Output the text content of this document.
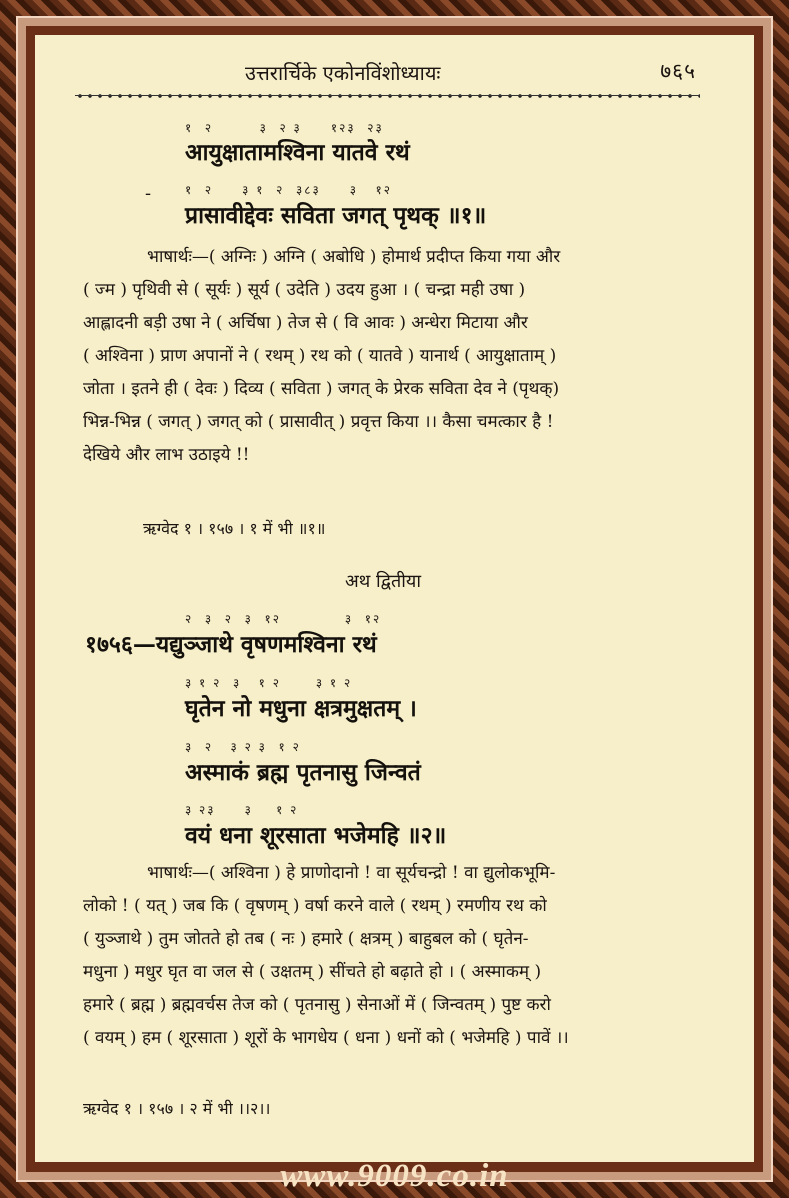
उत्तरार्चिके एकोनविंशोध्यायः	७६५
१  २        ३  २ ३     १२३  २३
-
आयुक्षातामश्विना यातवे रथं
१  २     ३ १  २  ३८३     ३   १२
प्रासावीद्देवः सविता जगत् पृथक् ॥१॥

भाषार्थः—( अग्निः ) अग्नि ( अबोधि ) होमार्थ प्रदीप्त किया गया और

( ज्म ) पृथिवी से ( सूर्यः ) सूर्य ( उदेति ) उदय हुआ । ( चन्द्रा मही उषा )

आह्लादनी बड़ी उषा ने ( अर्चिषा ) तेज से ( वि आवः ) अन्धेरा मिटाया और

( अश्विना ) प्राण अपानों ने ( रथम् ) रथ को ( यातवे ) यानार्थ ( आयुक्षाताम् )

जोता । इतने ही ( देवः ) दिव्य ( सविता ) जगत् के प्रेरक सविता देव ने (पृथक्)

भिन्न-भिन्न ( जगत् ) जगत् को ( प्रासावीत् ) प्रवृत्त किया ।। कैसा चमत्कार है !

देखिये और लाभ उठाइये !!

ऋग्वेद १ । १५७ । १ में भी ॥१॥
अथ द्वितीया
२  ३  २  ३  १२           ३  १२
१७५६—यद्युञ्जाथे वृषणमश्विना रथं
३ १ २  ३   १ २      ३ १ २
घृतेन नो मधुना क्षत्रमुक्षतम् ।
३  २   ३ २ ३  १ २
अस्माकं ब्रह्म पृतनासु जिन्वतं
३ २३     ३    १ २
वयं धना शूरसाता भजेमहि ॥२॥

भाषार्थः—( अश्विना ) हे प्राणोदानो ! वा सूर्यचन्द्रो ! वा द्युलोकभूमि-

लोको ! ( यत् ) जब कि ( वृषणम् ) वर्षा करने वाले ( रथम् ) रमणीय रथ को

( युञ्जाथे ) तुम जोतते हो तब ( नः ) हमारे ( क्षत्रम् ) बाहुबल को ( घृतेन-

मधुना ) मधुर घृत वा जल से ( उक्षतम् ) सींचते हो बढ़ाते हो । ( अस्माकम् )

हमारे ( ब्रह्म ) ब्रह्मवर्चस तेज को ( पृतनासु ) सेनाओं में ( जिन्वतम् ) पुष्ट करो

( वयम् ) हम ( शूरसाता ) शूरों के भागधेय ( धना ) धनों को ( भजेमहि ) पावें ।।

ऋग्वेद १ । १५७ । २ में भी ।।२।।
www.9009.co.in
